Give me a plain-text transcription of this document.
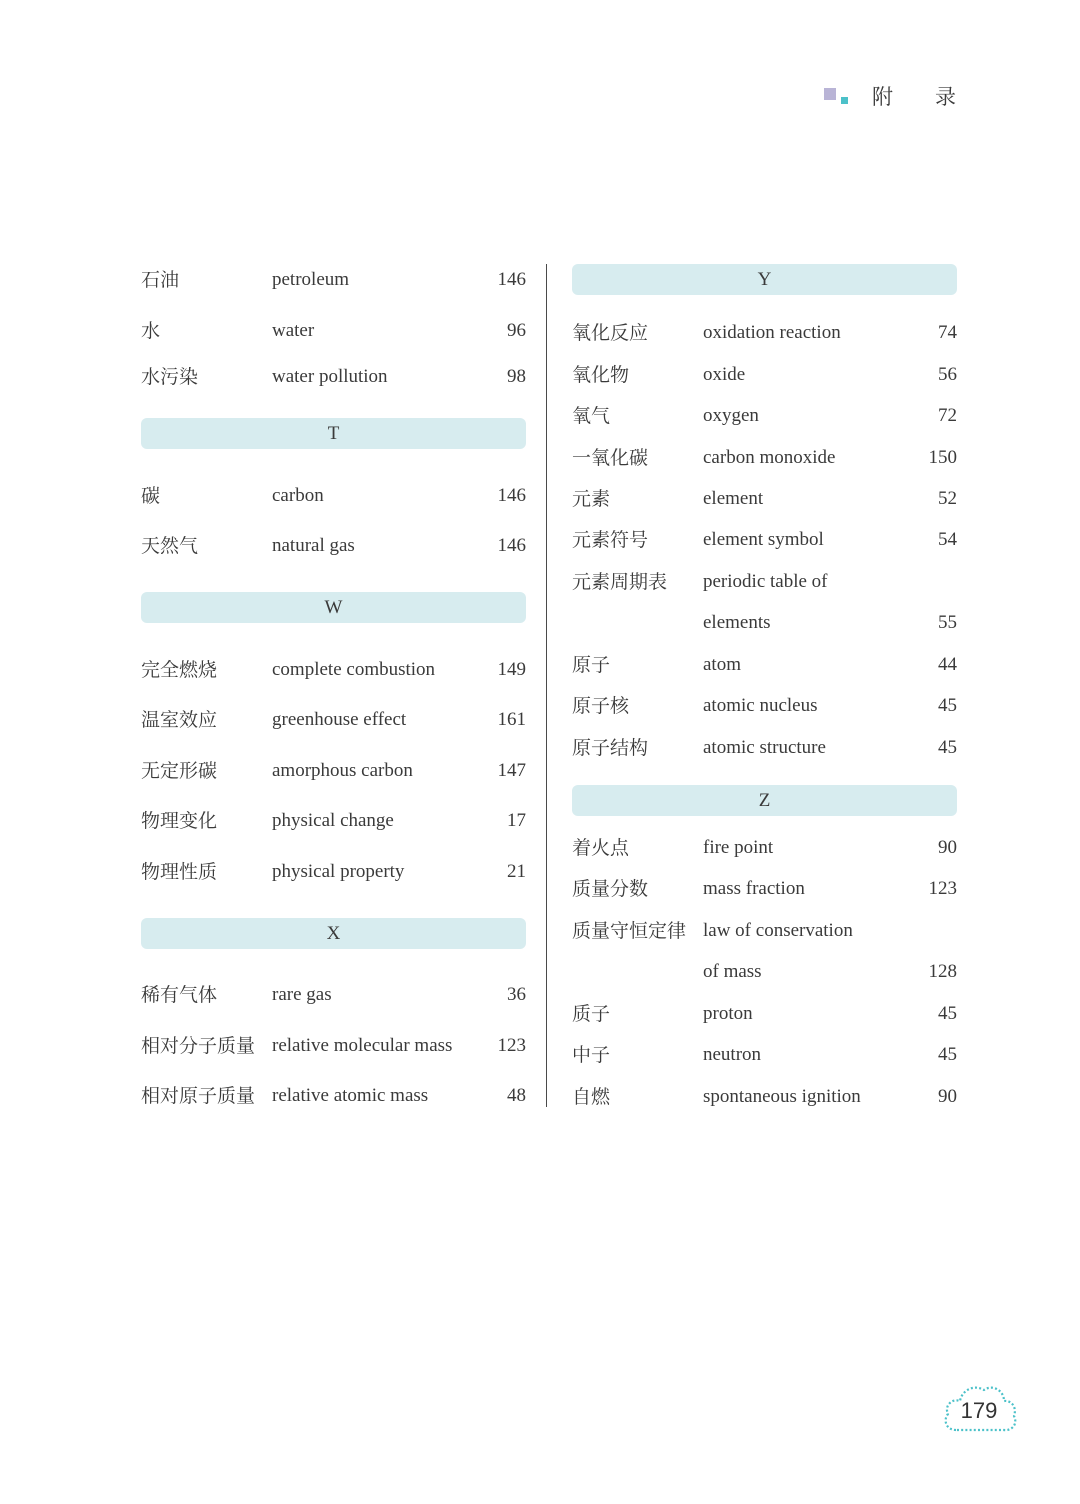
附 录
石油	petroleum	146
水	water	96
水污染	water pollution	98
T
碳	carbon	146
天然气	natural gas	146
W
完全燃烧	complete combustion	149
温室效应	greenhouse effect	161
无定形碳	amorphous carbon	147
物理变化	physical change	17
物理性质	physical property	21
X
稀有气体	rare gas	36
相对分子质量 relative molecular mass 123
相对原子质量 relative atomic mass	48
Y
氧化反应	oxidation reaction	74
氧化物	oxide	56
氧气	oxygen	72
一氧化碳	carbon monoxide	150
元素	element	52
元素符号	element symbol	54
元素周期表 periodic table of
elements	55
原子	atom	44
原子核	atomic nucleus	45
原子结构	atomic structure	45
Z
着火点	fire point	90
质量分数	mass fraction	123
质量守恒定律 law of conservation
of mass	128
质子	proton	45
中子	neutron	45
自燃	spontaneous ignition	90
179
